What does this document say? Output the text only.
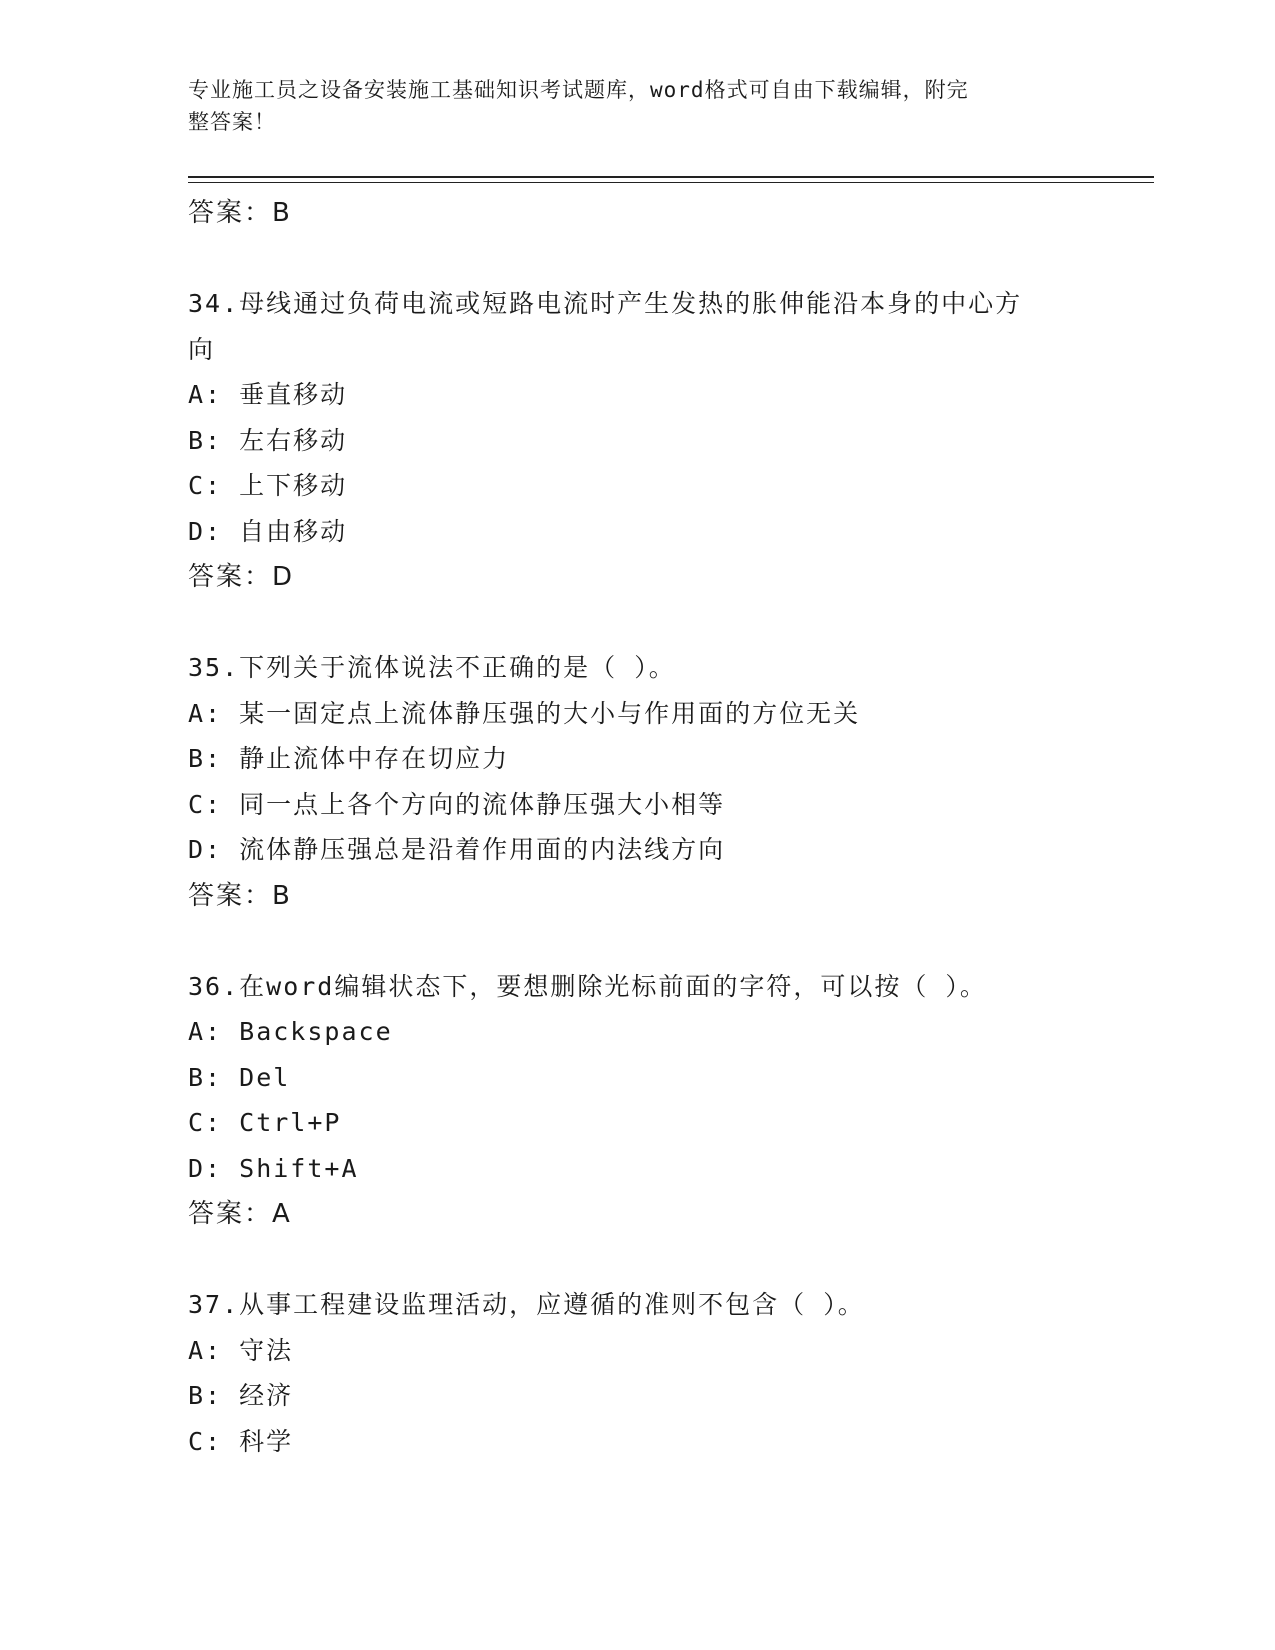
专业施工员之设备安装施工基础知识考试题库，word格式可自由下载编辑，附完
整答案！
答案：B
34.母线通过负荷电流或短路电流时产生发热的胀伸能沿本身的中心方
向
A: 垂直移动
B: 左右移动
C: 上下移动
D: 自由移动
答案：D
35.下列关于流体说法不正确的是（ ）。
A: 某一固定点上流体静压强的大小与作用面的方位无关
B: 静止流体中存在切应力
C: 同一点上各个方向的流体静压强大小相等
D: 流体静压强总是沿着作用面的内法线方向
答案：B
36.在word编辑状态下，要想删除光标前面的字符，可以按（ ）。
A: Backspace
B: Del
C: Ctrl+P
D: Shift+A
答案：A
37.从事工程建设监理活动，应遵循的准则不包含（ ）。
A: 守法
B: 经济
C: 科学
